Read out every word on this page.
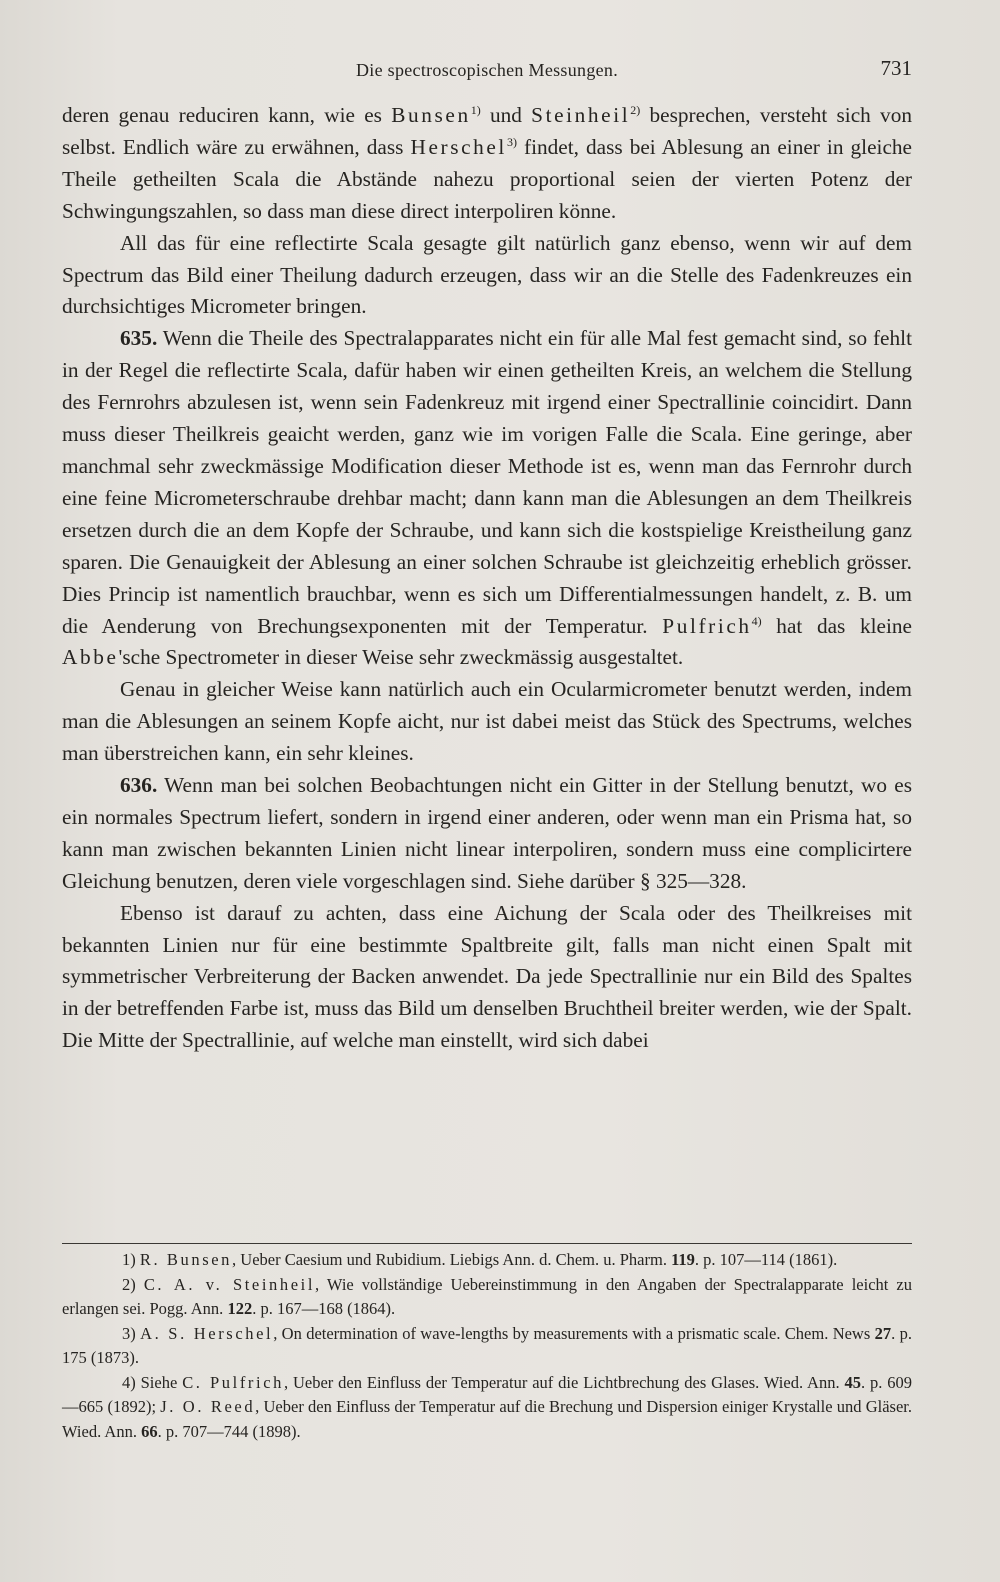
Die spectroscopischen Messungen.	731

deren genau reduciren kann, wie es Bunsen$^{1)}$ und Steinheil$^{2)}$ besprechen, versteht sich von selbst. Endlich wäre zu erwähnen, dass Herschel$^{3)}$ findet, dass bei Ablesung an einer in gleiche Theile getheilten Scala die Abstände nahezu proportional seien der vierten Potenz der Schwingungszahlen, so dass man diese direct interpoliren könne.

All das für eine reflectirte Scala gesagte gilt natürlich ganz ebenso, wenn wir auf dem Spectrum das Bild einer Theilung dadurch erzeugen, dass wir an die Stelle des Fadenkreuzes ein durchsichtiges Micrometer bringen.

635. Wenn die Theile des Spectralapparates nicht ein für alle Mal fest gemacht sind, so fehlt in der Regel die reflectirte Scala, dafür haben wir einen getheilten Kreis, an welchem die Stellung des Fernrohrs abzulesen ist, wenn sein Fadenkreuz mit irgend einer Spectrallinie coincidirt. Dann muss dieser Theilkreis geaicht werden, ganz wie im vorigen Falle die Scala. Eine geringe, aber manchmal sehr zweckmässige Modification dieser Methode ist es, wenn man das Fernrohr durch eine feine Micrometerschraube drehbar macht; dann kann man die Ablesungen an dem Theilkreis ersetzen durch die an dem Kopfe der Schraube, und kann sich die kostspielige Kreistheilung ganz sparen. Die Genauigkeit der Ablesung an einer solchen Schraube ist gleichzeitig erheblich grösser. Dies Princip ist namentlich brauchbar, wenn es sich um Differentialmessungen handelt, z. B. um die Aenderung von Brechungsexponenten mit der Temperatur. Pulfrich$^{4)}$ hat das kleine Abbe'sche Spectrometer in dieser Weise sehr zweckmässig ausgestaltet.

Genau in gleicher Weise kann natürlich auch ein Ocularmicrometer benutzt werden, indem man die Ablesungen an seinem Kopfe aicht, nur ist dabei meist das Stück des Spectrums, welches man überstreichen kann, ein sehr kleines.

636. Wenn man bei solchen Beobachtungen nicht ein Gitter in der Stellung benutzt, wo es ein normales Spectrum liefert, sondern in irgend einer anderen, oder wenn man ein Prisma hat, so kann man zwischen bekannten Linien nicht linear interpoliren, sondern muss eine complicirtere Gleichung benutzen, deren viele vorgeschlagen sind. Siehe darüber § 325—328.

Ebenso ist darauf zu achten, dass eine Aichung der Scala oder des Theilkreises mit bekannten Linien nur für eine bestimmte Spaltbreite gilt, falls man nicht einen Spalt mit symmetrischer Verbreiterung der Backen anwendet. Da jede Spectrallinie nur ein Bild des Spaltes in der betreffenden Farbe ist, muss das Bild um denselben Bruchtheil breiter werden, wie der Spalt. Die Mitte der Spectrallinie, auf welche man einstellt, wird sich dabei

1) R. Bunsen, Ueber Caesium und Rubidium. Liebigs Ann. d. Chem. u. Pharm. 119. p. 107—114 (1861).

2) C. A. v. Steinheil, Wie vollständige Uebereinstimmung in den Angaben der Spectralapparate leicht zu erlangen sei. Pogg. Ann. 122. p. 167—168 (1864).

3) A. S. Herschel, On determination of wave-lengths by measurements with a prismatic scale. Chem. News 27. p. 175 (1873).

4) Siehe C. Pulfrich, Ueber den Einfluss der Temperatur auf die Lichtbrechung des Glases. Wied. Ann. 45. p. 609—665 (1892); J. O. Reed, Ueber den Einfluss der Temperatur auf die Brechung und Dispersion einiger Krystalle und Gläser. Wied. Ann. 66. p. 707—744 (1898).
